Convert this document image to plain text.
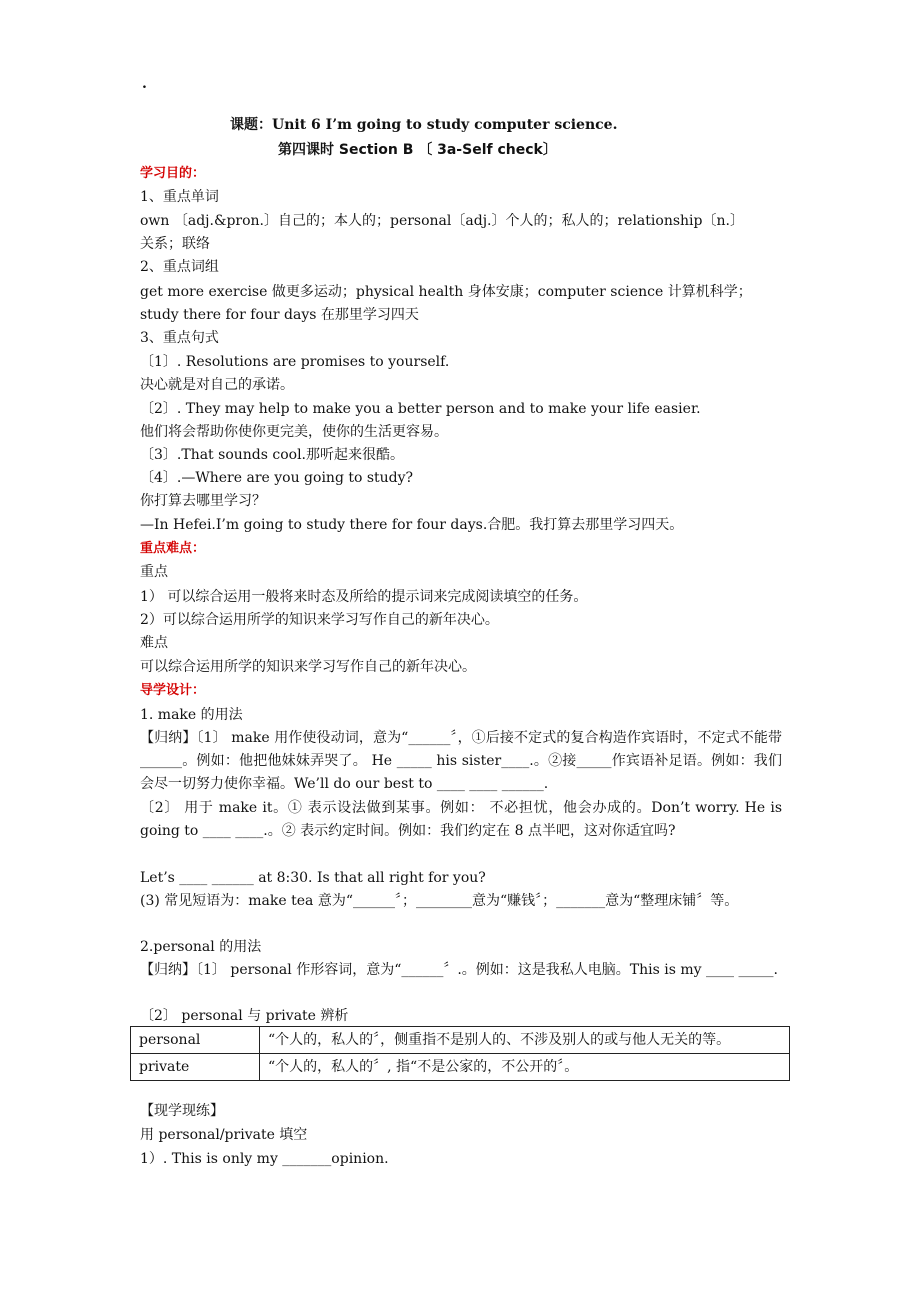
.
课题：Unit 6 I’m going to study computer science.
第四课时 Section B 〔 3a-Self check〕
学习目的：
1、重点单词
own 〔adj.&pron.〕自己的；本人的；personal〔adj.〕个人的；私人的；relationship〔n.〕
关系；联络
2、重点词组
get more exercise 做更多运动；physical health 身体安康；computer science 计算机科学；
study there for four days 在那里学习四天
3、重点句式
〔1〕. Resolutions are promises to yourself.
决心就是对自己的承诺。
〔2〕. They may help to make you a better person and to make your life easier.
他们将会帮助你使你更完美，使你的生活更容易。
〔3〕.That sounds cool.那听起来很酷。
〔4〕.—Where are you going to study?
你打算去哪里学习？
—In Hefei.I’m going to study there for four days.合肥。我打算去那里学习四天。
重点难点：
重点
1） 可以综合运用一般将来时态及所给的提示词来完成阅读填空的任务。
2）可以综合运用所学的知识来学习写作自己的新年决心。
难点
可以综合运用所学的知识来学习写作自己的新年决心。
导学设计：
1. make 的用法
【归纳】〔1〕 make 用作使役动词，意为“______〞，①后接不定式的复合构造作宾语时，不定式不能带______。例如：他把他妹妹弄哭了。 He _____ his sister____.。②接_____作宾语补足语。例如：我们会尽一切努力使你幸福。We’ll do our best to ____ ____ ______.
〔2〕 用于 make it。① 表示设法做到某事。例如： 不必担忧，他会办成的。Don’t worry. He is going to ____ ____.。② 表示约定时间。例如：我们约定在 8 点半吧，这对你适宜吗?
Let’s ____ ______ at 8:30. Is that all right for you?
(3) 常见短语为：make tea 意为“______〞；________意为“赚钱〞；_______意为“整理床铺〞等。
2.personal 的用法
【归纳】〔1〕 personal 作形容词，意为“______〞.。例如：这是我私人电脑。This is my ____ _____.
〔2〕 personal 与 private 辨析
personal	“个人的，私人的〞，侧重指不是别人的、不涉及别人的或与他人无关的等。
private	“个人的，私人的〞, 指“不是公家的，不公开的〞。
【现学现练】
用 personal/private 填空
1）. This is only my _______opinion.
